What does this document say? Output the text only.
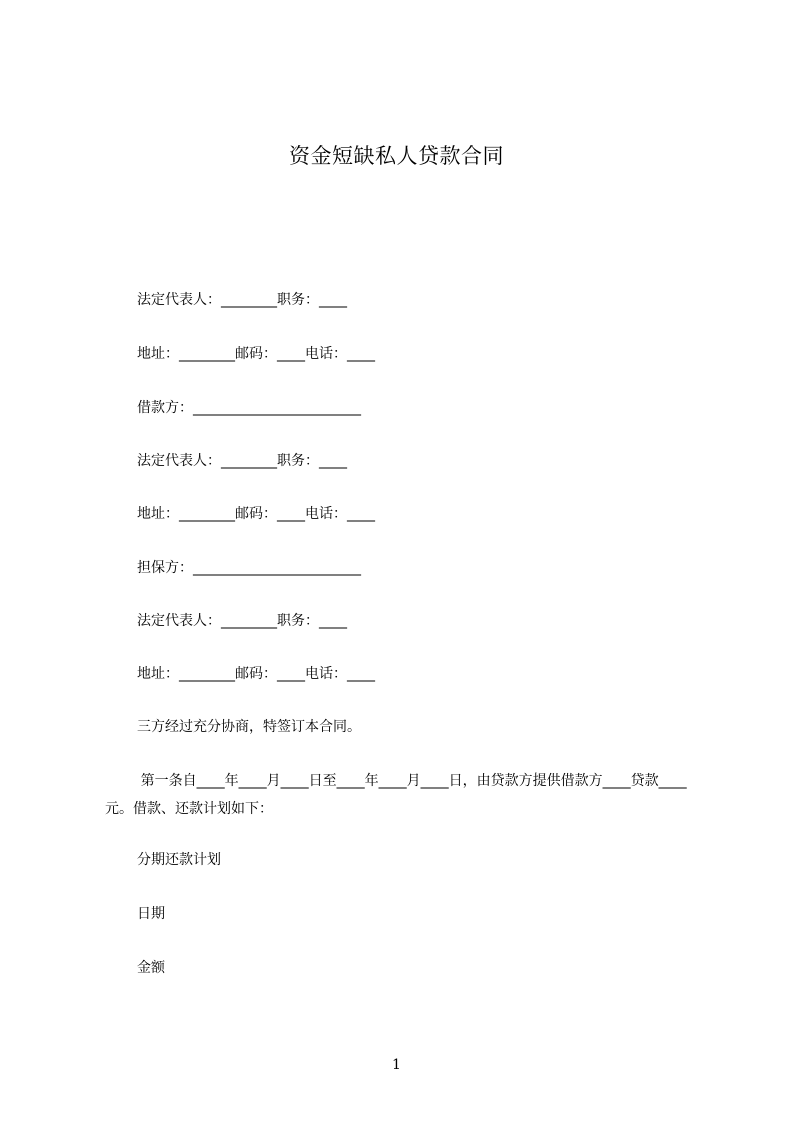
资金短缺私人贷款合同
法定代表人：________职务：____
地址：________邮码：____电话：____
借款方：________________________
法定代表人：________职务：____
地址：________邮码：____电话：____
担保方：________________________
法定代表人：________职务：____
地址：________邮码：____电话：____
三方经过充分协商，特签订本合同。
第一条自____年____月____日至____年____月____日，由贷款方提供借款方____贷款____元。借款、还款计划如下：
分期还款计划
日期
金额
1
